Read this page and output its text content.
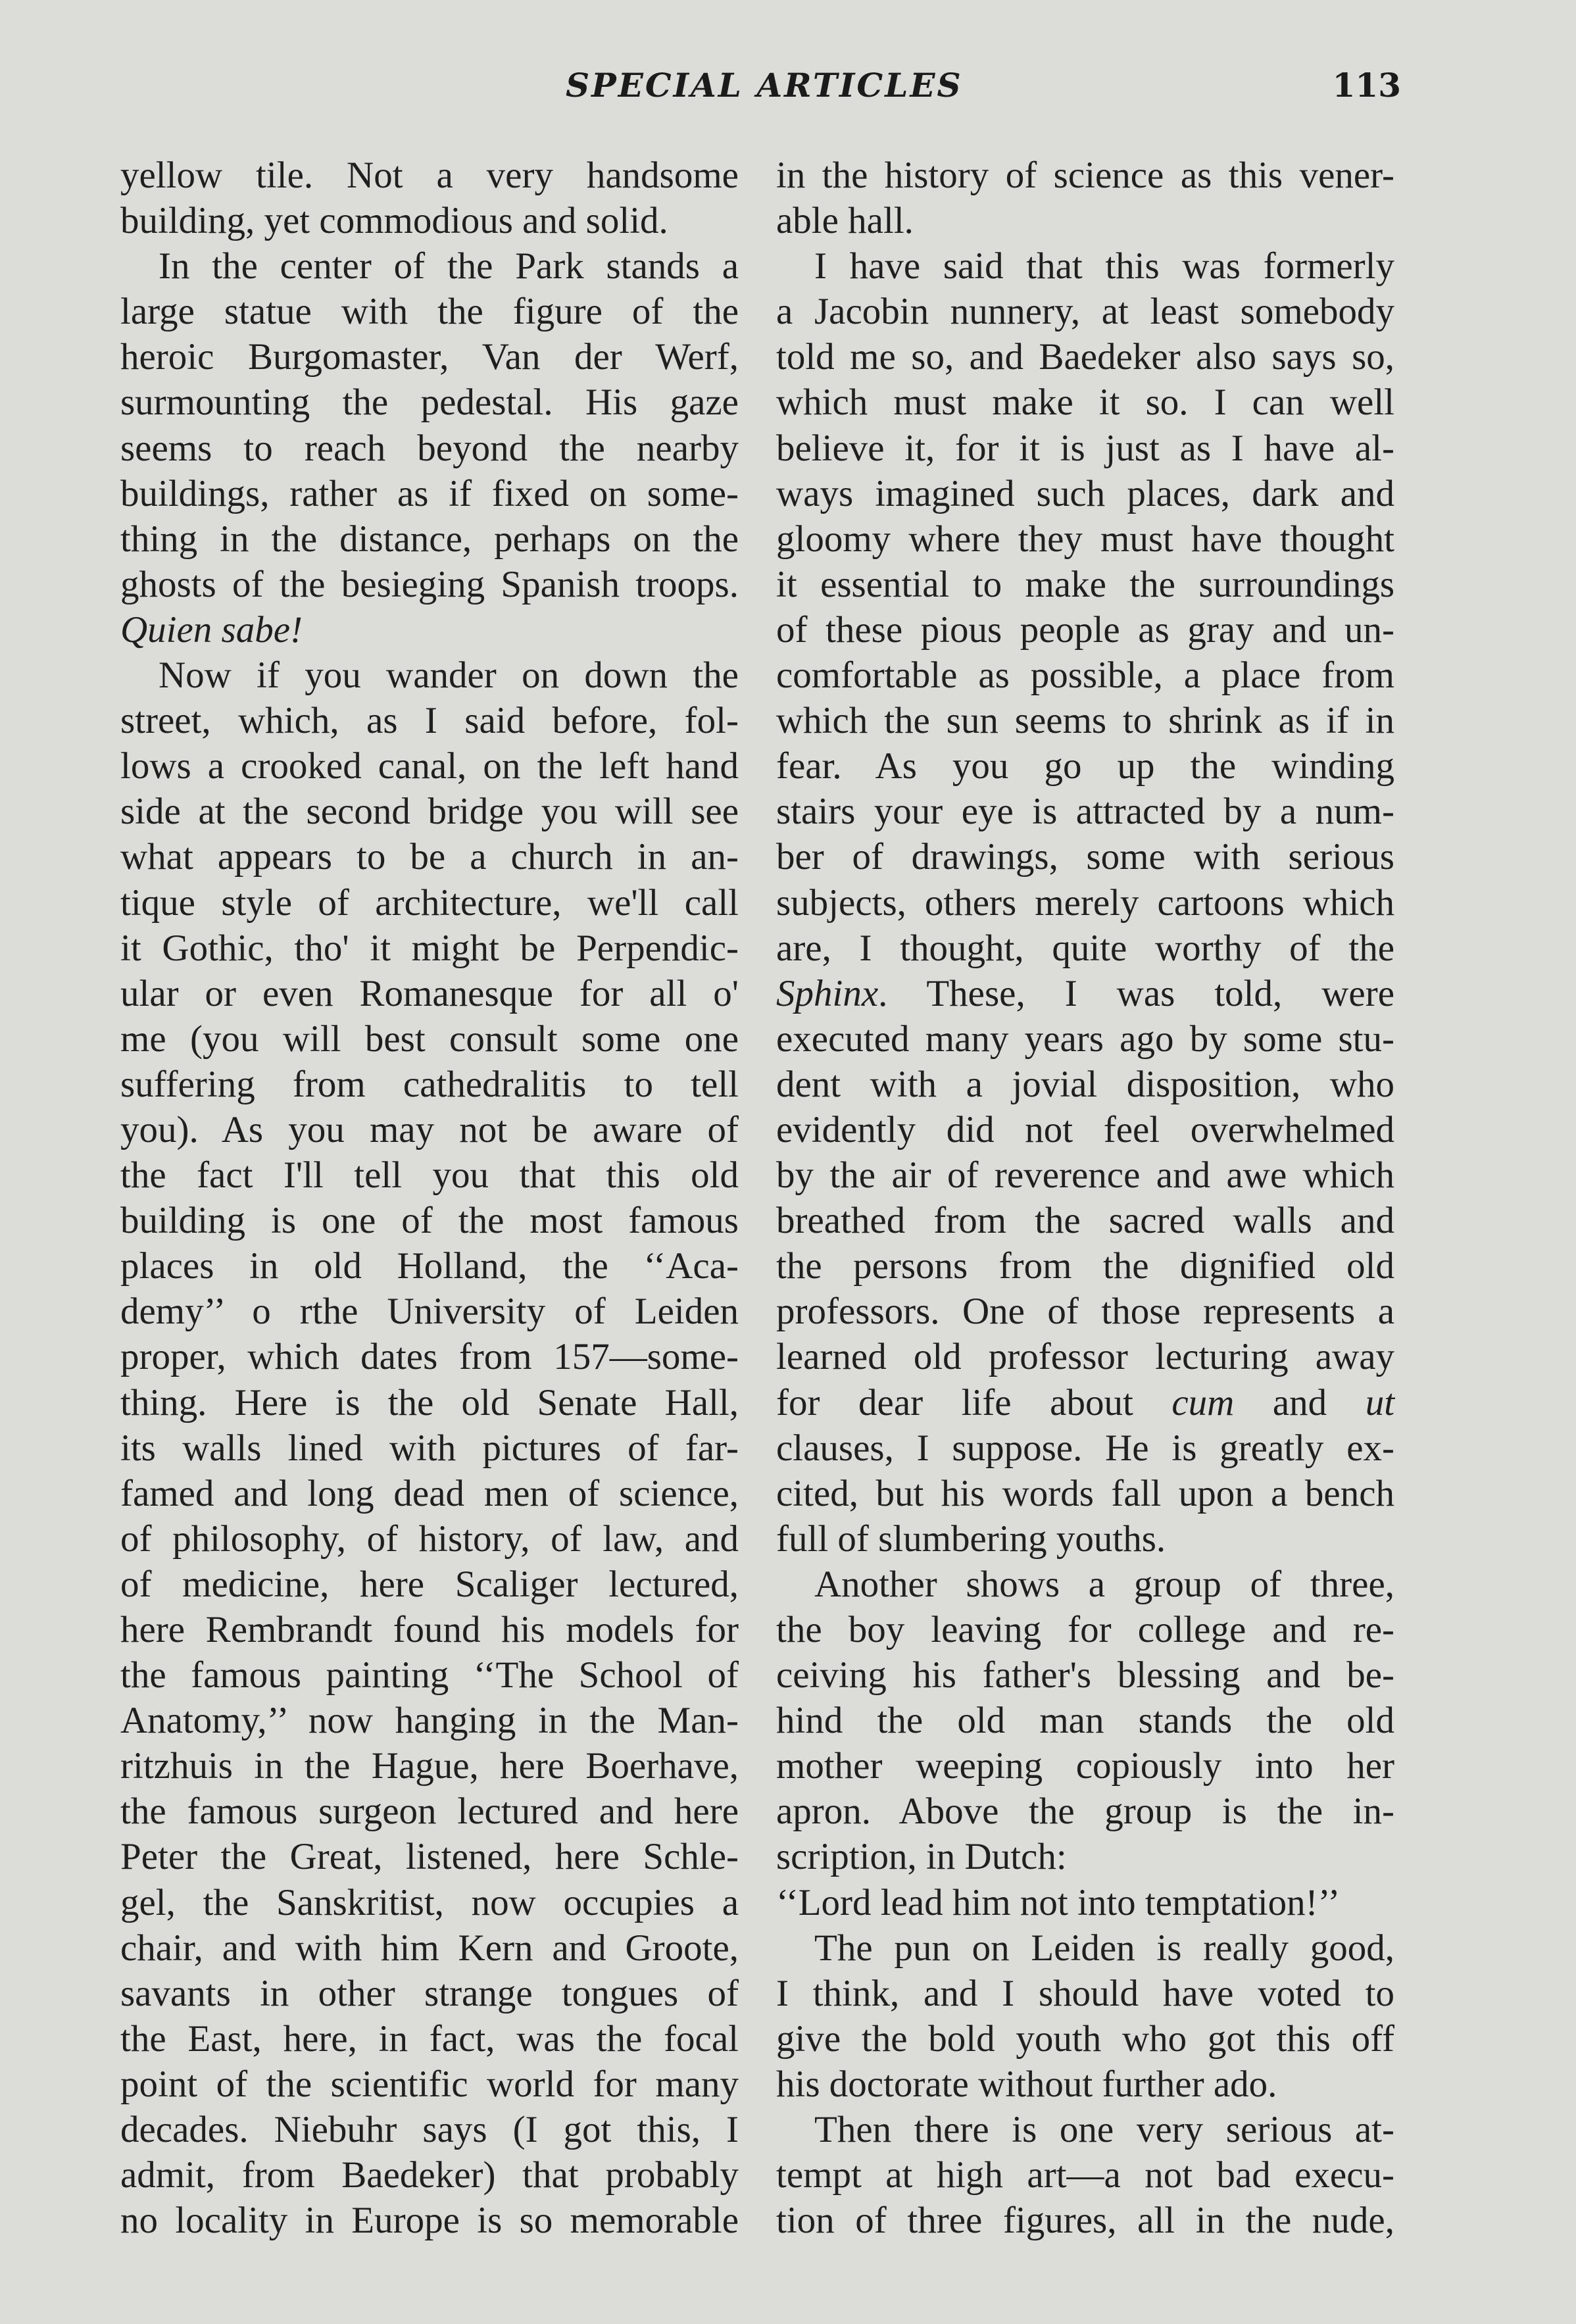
SPECIAL ARTICLES	113
yellow tile. Not a very handsome
building, yet commodious and solid.
In the center of the Park stands a
large statue with the figure of the
heroic Burgomaster, Van der Werf,
surmounting the pedestal. His gaze
seems to reach beyond the nearby
buildings, rather as if fixed on some-
thing in the distance, perhaps on the
ghosts of the besieging Spanish troops.
Quien sabe!
Now if you wander on down the
street, which, as I said before, fol-
lows a crooked canal, on the left hand
side at the second bridge you will see
what appears to be a church in an-
tique style of architecture, we'll call
it Gothic, tho' it might be Perpendic-
ular or even Romanesque for all o'
me (you will best consult some one
suffering from cathedralitis to tell
you). As you may not be aware of
the fact I'll tell you that this old
building is one of the most famous
places in old Holland, the ‘‘Aca-
demy’’ o rthe University of Leiden
proper, which dates from 157—some-
thing. Here is the old Senate Hall,
its walls lined with pictures of far-
famed and long dead men of science,
of philosophy, of history, of law, and
of medicine, here Scaliger lectured,
here Rembrandt found his models for
the famous painting ‘‘The School of
Anatomy,’’ now hanging in the Man-
ritzhuis in the Hague, here Boerhave,
the famous surgeon lectured and here
Peter the Great, listened, here Schle-
gel, the Sanskritist, now occupies a
chair, and with him Kern and Groote,
savants in other strange tongues of
the East, here, in fact, was the focal
point of the scientific world for many
decades. Niebuhr says (I got this, I
admit, from Baedeker) that probably
no locality in Europe is so memorable
in the history of science as this vener-
able hall.
I have said that this was formerly
a Jacobin nunnery, at least somebody
told me so, and Baedeker also says so,
which must make it so. I can well
believe it, for it is just as I have al-
ways imagined such places, dark and
gloomy where they must have thought
it essential to make the surroundings
of these pious people as gray and un-
comfortable as possible, a place from
which the sun seems to shrink as if in
fear. As you go up the winding
stairs your eye is attracted by a num-
ber of drawings, some with serious
subjects, others merely cartoons which
are, I thought, quite worthy of the
Sphinx. These, I was told, were
executed many years ago by some stu-
dent with a jovial disposition, who
evidently did not feel overwhelmed
by the air of reverence and awe which
breathed from the sacred walls and
the persons from the dignified old
professors. One of those represents a
learned old professor lecturing away
for dear life about cum and ut
clauses, I suppose. He is greatly ex-
cited, but his words fall upon a bench
full of slumbering youths.
Another shows a group of three,
the boy leaving for college and re-
ceiving his father's blessing and be-
hind the old man stands the old
mother weeping copiously into her
apron. Above the group is the in-
scription, in Dutch:
‘‘Lord lead him not into temptation!’’
The pun on Leiden is really good,
I think, and I should have voted to
give the bold youth who got this off
his doctorate without further ado.
Then there is one very serious at-
tempt at high art—a not bad execu-
tion of three figures, all in the nude,
